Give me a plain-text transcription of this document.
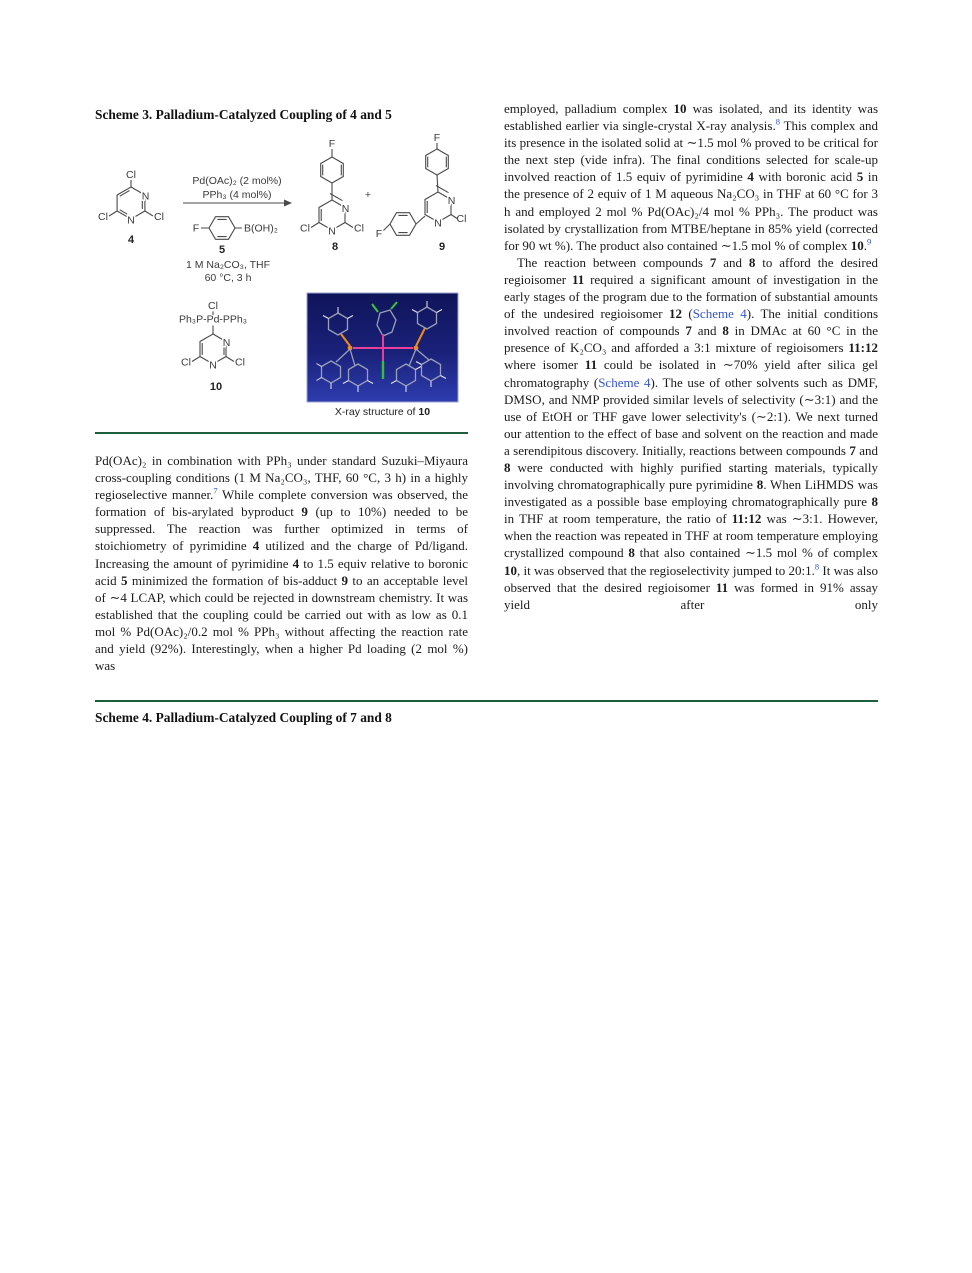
Scheme 3. Palladium-Catalyzed Coupling of 4 and 5
Cl
N
N
Cl	Cl
4
Pd(OAc)₂ (2 mol%)
PPh₃ (4 mol%)
F	B(OH)₂
5
1 M Na₂CO₃, THF
60 °C, 3 h
F
N
N
Cl	Cl
8
+
F
N
N Cl
F
9
Cl
Ph₃P-Pd-PPh₃
N
N
Cl	Cl
10
X-ray structure of 10

Pd(OAc)₂ in combination with PPh₃ under standard Suzuki–Miyaura cross-coupling conditions (1 M Na₂CO₃, THF, 60 °C, 3 h) in a highly regioselective manner.$^7$ While complete conversion was observed, the formation of bis-arylated byproduct 9 (up to 10%) needed to be suppressed. The reaction was further optimized in terms of stoichiometry of pyrimidine 4 utilized and the charge of Pd/ligand. Increasing the amount of pyrimidine 4 to 1.5 equiv relative to boronic acid 5 minimized the formation of bis-adduct 9 to an acceptable level of ∼4 LCAP, which could be rejected in downstream chemistry. It was established that the coupling could be carried out with as low as 0.1 mol % Pd(OAc)₂/0.2 mol % PPh₃ without affecting the reaction rate and yield (92%). Interestingly, when a higher Pd loading (2 mol %) was

employed, palladium complex 10 was isolated, and its identity was established earlier via single-crystal X-ray analysis.$^8$ This complex and its presence in the isolated solid at ∼1.5 mol % proved to be critical for the next step (vide infra). The final conditions selected for scale-up involved reaction of 1.5 equiv of pyrimidine 4 with boronic acid 5 in the presence of 2 equiv of 1 M aqueous Na₂CO₃ in THF at 60 °C for 3 h and employed 2 mol % Pd(OAc)₂/4 mol % PPh₃. The product was isolated by crystallization from MTBE/heptane in 85% yield (corrected for 90 wt %). The product also contained ∼1.5 mol % of complex 10.$^9$

The reaction between compounds 7 and 8 to afford the desired regioisomer 11 required a significant amount of investigation in the early stages of the program due to the formation of substantial amounts of the undesired regioisomer 12 (Scheme 4). The initial conditions involved reaction of compounds 7 and 8 in DMAc at 60 °C in the presence of K₂CO₃ and afforded a 3:1 mixture of regioisomers 11:12 where isomer 11 could be isolated in ∼70% yield after silica gel chromatography (Scheme 4). The use of other solvents such as DMF, DMSO, and NMP provided similar levels of selectivity (∼3:1) and the use of EtOH or THF gave lower selectivity's (∼2:1). We next turned our attention to the effect of base and solvent on the reaction and made a serendipitous discovery. Initially, reactions between compounds 7 and 8 were conducted with highly purified starting materials, typically involving chromatographically pure pyrimidine 8. When LiHMDS was investigated as a possible base employing chromatographically pure 8 in THF at room temperature, the ratio of 11:12 was ∼3:1. However, when the reaction was repeated in THF at room temperature employing crystallized compound 8 that also contained ∼1.5 mol % of complex 10, it was observed that the regioselectivity jumped to 20:1.$^8$ It was also observed that the desired regioisomer 11 was formed in 91% assay yield after only

Scheme 4. Palladium-Catalyzed Coupling of 7 and 8
